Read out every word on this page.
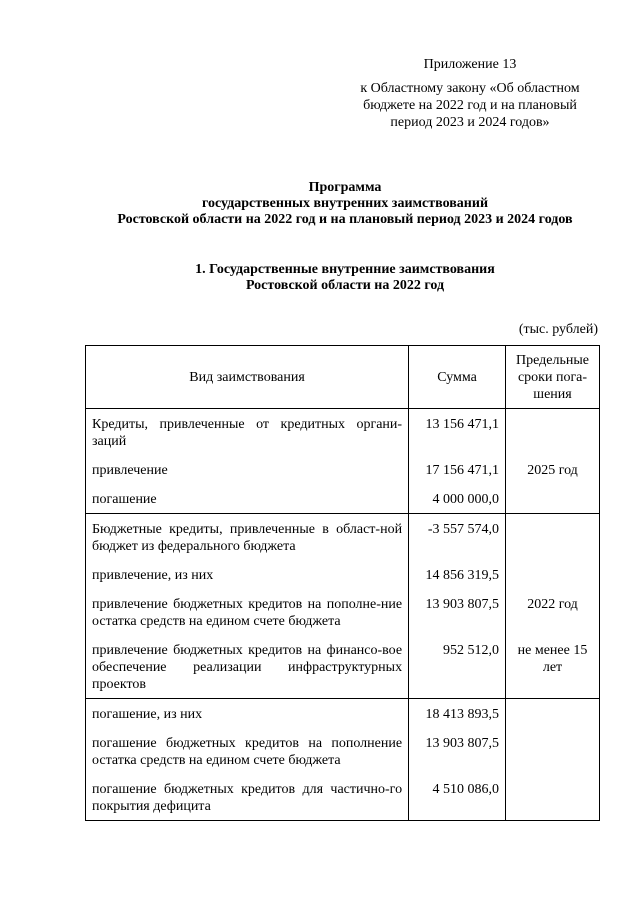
Приложение 13
к Областному закону «Об областном
бюджете на 2022 год и на плановый
период 2023 и 2024 годов»
Программа
государственных внутренних заимствований
Ростовской области на 2022 год и на плановый период 2023 и 2024 годов
1. Государственные внутренние заимствования
Ростовской области на 2022 год
(тыс. рублей)
Вид заимствования	Сумма	Предельные сроки пога-шения
Кредиты, привлеченные от кредитных органи-заций	13 156 471,1	
привлечение	17 156 471,1	2025 год
погашение	4 000 000,0	
Бюджетные кредиты, привлеченные в област-ной бюджет из федерального бюджета	-3 557 574,0	
привлечение, из них	14 856 319,5	
привлечение бюджетных кредитов на пополне-ние остатка средств на едином счете бюджета	13 903 807,5	2022 год
привлечение бюджетных кредитов на финансо-вое обеспечение реализации инфраструктурных проектов	952 512,0	не менее 15 лет
погашение, из них	18 413 893,5	
погашение бюджетных кредитов на пополнение остатка средств на едином счете бюджета	13 903 807,5	
погашение бюджетных кредитов для частично-го покрытия дефицита	4 510 086,0	
